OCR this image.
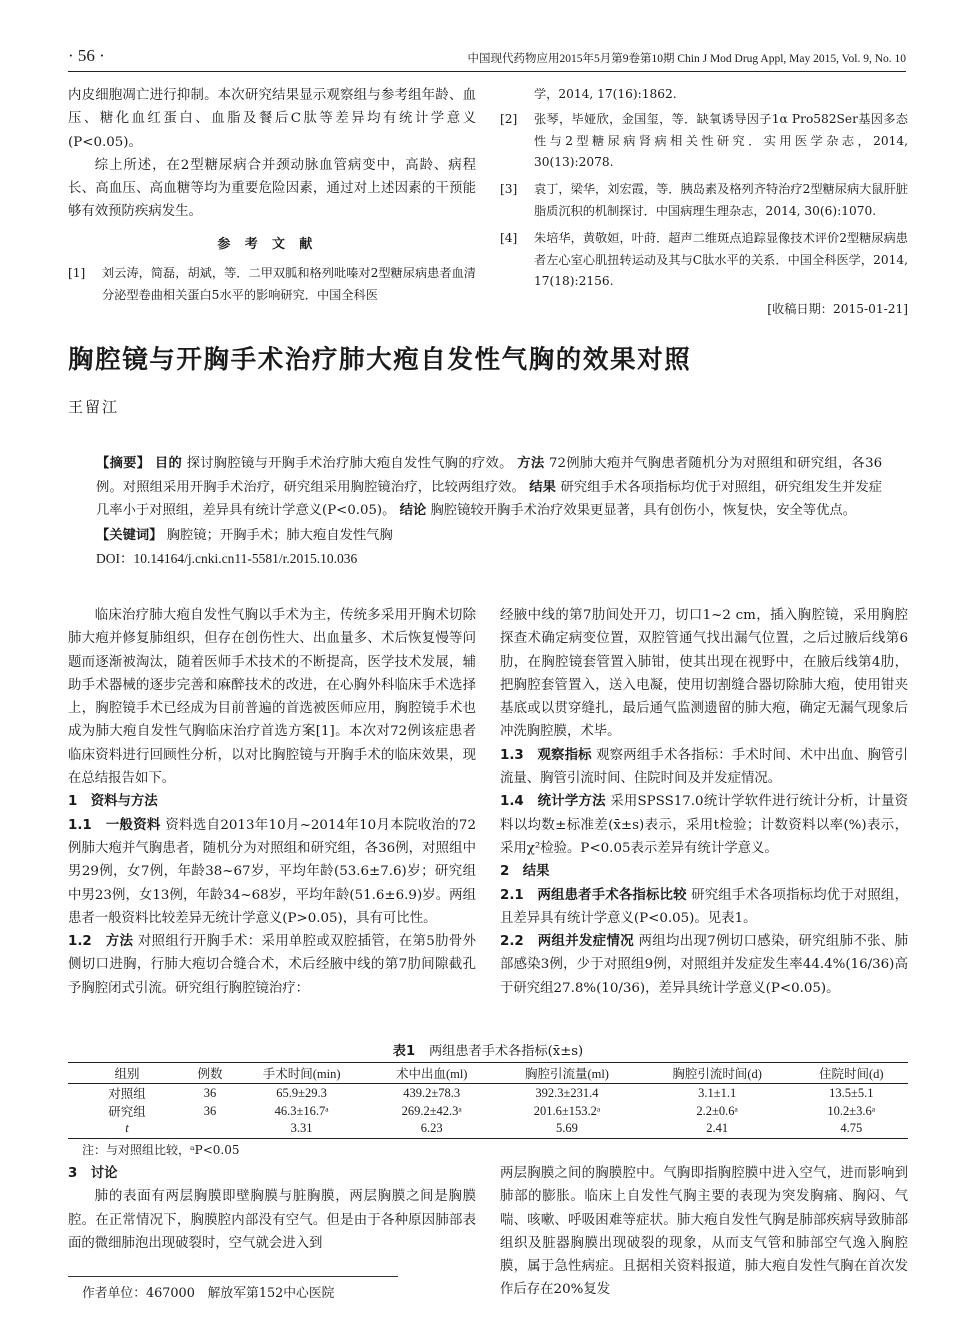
· 56 ·	中国现代药物应用2015年5月第9卷第10期 Chin J Mod Drug Appl, May 2015, Vol. 9, No. 10

内皮细胞凋亡进行抑制。本次研究结果显示观察组与参考组年龄、血压、糖化血红蛋白、血脂及餐后C肽等差异均有统计学意义(P<0.05)。

综上所述，在2型糖尿病合并颈动脉血管病变中，高龄、病程长、高血压、高血糖等均为重要危险因素，通过对上述因素的干预能够有效预防疾病发生。

参考文献
[1] 刘云涛，简磊，胡斌，等．二甲双胍和格列吡嗪对2型糖尿病患者血清分泌型卷曲相关蛋白5水平的影响研究．中国全科医
学，2014, 17(16):1862.
[2] 张琴，毕娅欣，金国玺，等．缺氧诱导因子1α Pro582Ser基因多态性与2型糖尿病肾病相关性研究．实用医学杂志，2014, 30(13):2078.
[3] 袁丁，梁华，刘宏霞，等．胰岛素及格列齐特治疗2型糖尿病大鼠肝脏脂质沉积的机制探讨．中国病理生理杂志，2014, 30(6):1070.
[4] 朱培华，黄敬姮，叶莳．超声二维斑点追踪显像技术评价2型糖尿病患者左心室心肌扭转运动及其与C肽水平的关系．中国全科医学，2014, 17(18):2156.
[收稿日期：2015-01-21]
胸腔镜与开胸手术治疗肺大疱自发性气胸的效果对照
王留江

【摘要】 目的 探讨胸腔镜与开胸手术治疗肺大疱自发性气胸的疗效。 方法 72例肺大疱并气胸患者随机分为对照组和研究组，各36例。对照组采用开胸手术治疗，研究组采用胸腔镜治疗，比较两组疗效。 结果 研究组手术各项指标均优于对照组，研究组发生并发症几率小于对照组，差异具有统计学意义(P<0.05)。 结论 胸腔镜较开胸手术治疗效果更显著，具有创伤小，恢复快，安全等优点。

【关键词】 胸腔镜；开胸手术；肺大疱自发性气胸

DOI：10.14164/j.cnki.cn11-5581/r.2015.10.036

临床治疗肺大疱自发性气胸以手术为主，传统多采用开胸术切除肺大疱并修复肺组织，但存在创伤性大、出血量多、术后恢复慢等问题而逐渐被淘汰，随着医师手术技术的不断提高，医学技术发展，辅助手术器械的逐步完善和麻醉技术的改进，在心胸外科临床手术选择上，胸腔镜手术已经成为目前普遍的首选被医师应用，胸腔镜手术也成为肺大疱自发性气胸临床治疗首选方案[1]。本次对72例该症患者临床资料进行回顾性分析，以对比胸腔镜与开胸手术的临床效果，现在总结报告如下。

1　资料与方法

1.1　一般资料 资料选自2013年10月~2014年10月本院收治的72例肺大疱并气胸患者，随机分为对照组和研究组，各36例，对照组中男29例，女7例，年龄38~67岁，平均年龄(53.6±7.6)岁；研究组中男23例，女13例，年龄34~68岁，平均年龄(51.6±6.9)岁。两组患者一般资料比较差异无统计学意义(P>0.05)，具有可比性。

1.2　方法 对照组行开胸手术：采用单腔或双腔插管，在第5肋骨外侧切口进胸，行肺大疱切合缝合术，术后经腋中线的第7肋间隙截孔予胸腔闭式引流。研究组行胸腔镜治疗：

经腋中线的第7肋间处开刀，切口1~2 cm，插入胸腔镜，采用胸腔探查术确定病变位置，双腔管通气找出漏气位置，之后过腋后线第6肋，在胸腔镜套管置入肺钳，使其出现在视野中，在腋后线第4肋，把胸腔套管置入，送入电凝，使用切割缝合器切除肺大疱，使用钳夹基底或以贯穿缝扎，最后通气监测遗留的肺大疱，确定无漏气现象后冲洗胸腔膜，术毕。

1.3　观察指标 观察两组手术各指标：手术时间、术中出血、胸管引流量、胸管引流时间、住院时间及并发症情况。

1.4　统计学方法 采用SPSS17.0统计学软件进行统计分析，计量资料以均数±标准差(x̄±s)表示，采用t检验；计数资料以率(%)表示，采用χ²检验。P<0.05表示差异有统计学意义。

2　结果

2.1　两组患者手术各指标比较 研究组手术各项指标均优于对照组，且差异具有统计学意义(P<0.05)。见表1。

2.2　两组并发症情况 两组均出现7例切口感染，研究组肺不张、肺部感染3例，少于对照组9例，对照组并发症发生率44.4%(16/36)高于研究组27.8%(10/36)，差异具统计学意义(P<0.05)。

表1 两组患者手术各指标(x̄±s)
组别	例数	手术时间(min)	术中出血(ml)	胸腔引流量(ml)	胸腔引流时间(d)	住院时间(d)
对照组	36	65.9±29.3	439.2±78.3	392.3±231.4	3.1±1.1	13.5±5.1
研究组	36	46.3±16.7ᵃ	269.2±42.3ᵃ	201.6±153.2ᵃ	2.2±0.6ᵃ	10.2±3.6ᵃ
t		3.31	6.23	5.69	2.41	4.75
注：与对照组比较，ᵃP<0.05

3　讨论

肺的表面有两层胸膜即壁胸膜与脏胸膜，两层胸膜之间是胸膜腔。在正常情况下，胸膜腔内部没有空气。但是由于各种原因肺部表面的微细肺泡出现破裂时，空气就会进入到

两层胸膜之间的胸膜腔中。气胸即指胸腔膜中进入空气，进而影响到肺部的膨胀。临床上自发性气胸主要的表现为突发胸痛、胸闷、气喘、咳嗽、呼吸困难等症状。肺大疱自发性气胸是肺部疾病导致肺部组织及脏器胸膜出现破裂的现象，从而支气管和肺部空气逸入胸腔膜，属于急性病症。且据相关资料报道，肺大疱自发性气胸在首次发作后存在20%复发

作者单位：467000　解放军第152中心医院
